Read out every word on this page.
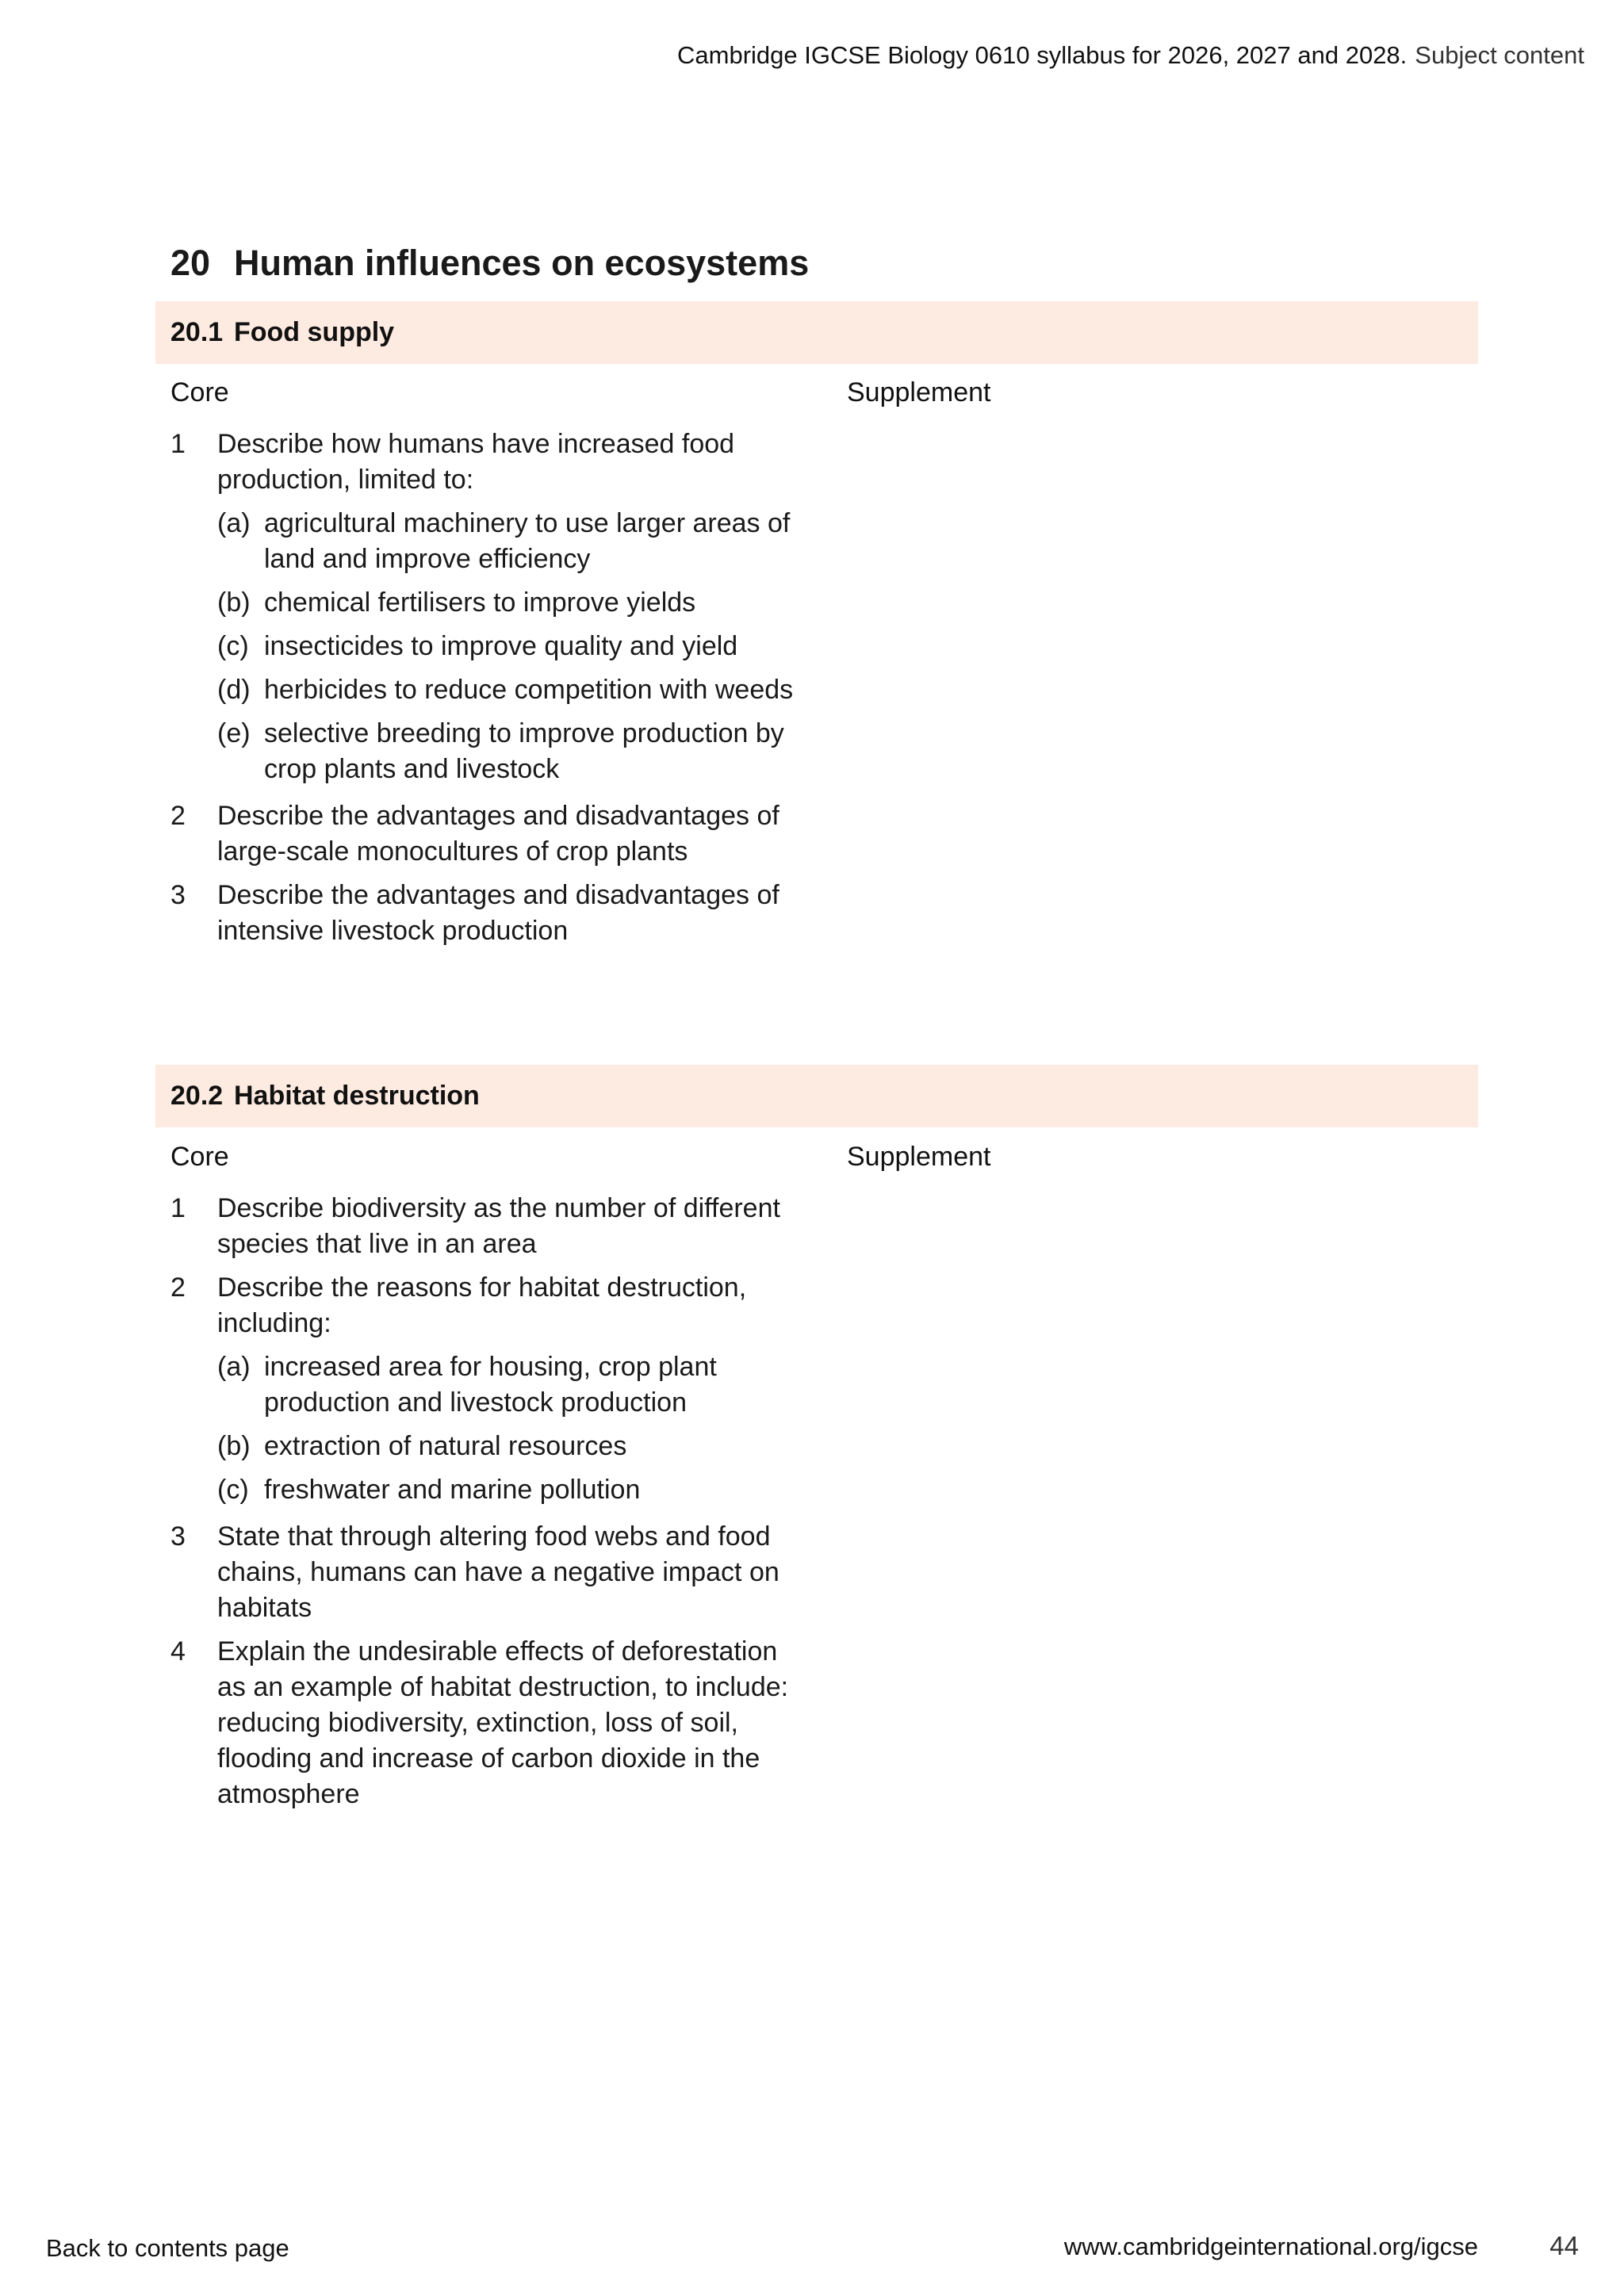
Cambridge IGCSE Biology 0610 syllabus for 2026, 2027 and 2028. Subject content
20 Human influences on ecosystems
20.1 Food supply
Core	Supplement
1 Describe how humans have increased food production, limited to:
(a) agricultural machinery to use larger areas of land and improve efficiency
(b) chemical fertilisers to improve yields
(c) insecticides to improve quality and yield
(d) herbicides to reduce competition with weeds
(e) selective breeding to improve production by crop plants and livestock
2 Describe the advantages and disadvantages of large-scale monocultures of crop plants
3 Describe the advantages and disadvantages of intensive livestock production
20.2 Habitat destruction
Core	Supplement
1 Describe biodiversity as the number of different species that live in an area
2 Describe the reasons for habitat destruction, including:
(a) increased area for housing, crop plant production and livestock production
(b) extraction of natural resources
(c) freshwater and marine pollution
3 State that through altering food webs and food chains, humans can have a negative impact on habitats
4 Explain the undesirable effects of deforestation as an example of habitat destruction, to include: reducing biodiversity, extinction, loss of soil, flooding and increase of carbon dioxide in the atmosphere
Back to contents page	www.cambridgeinternational.org/igcse	44
